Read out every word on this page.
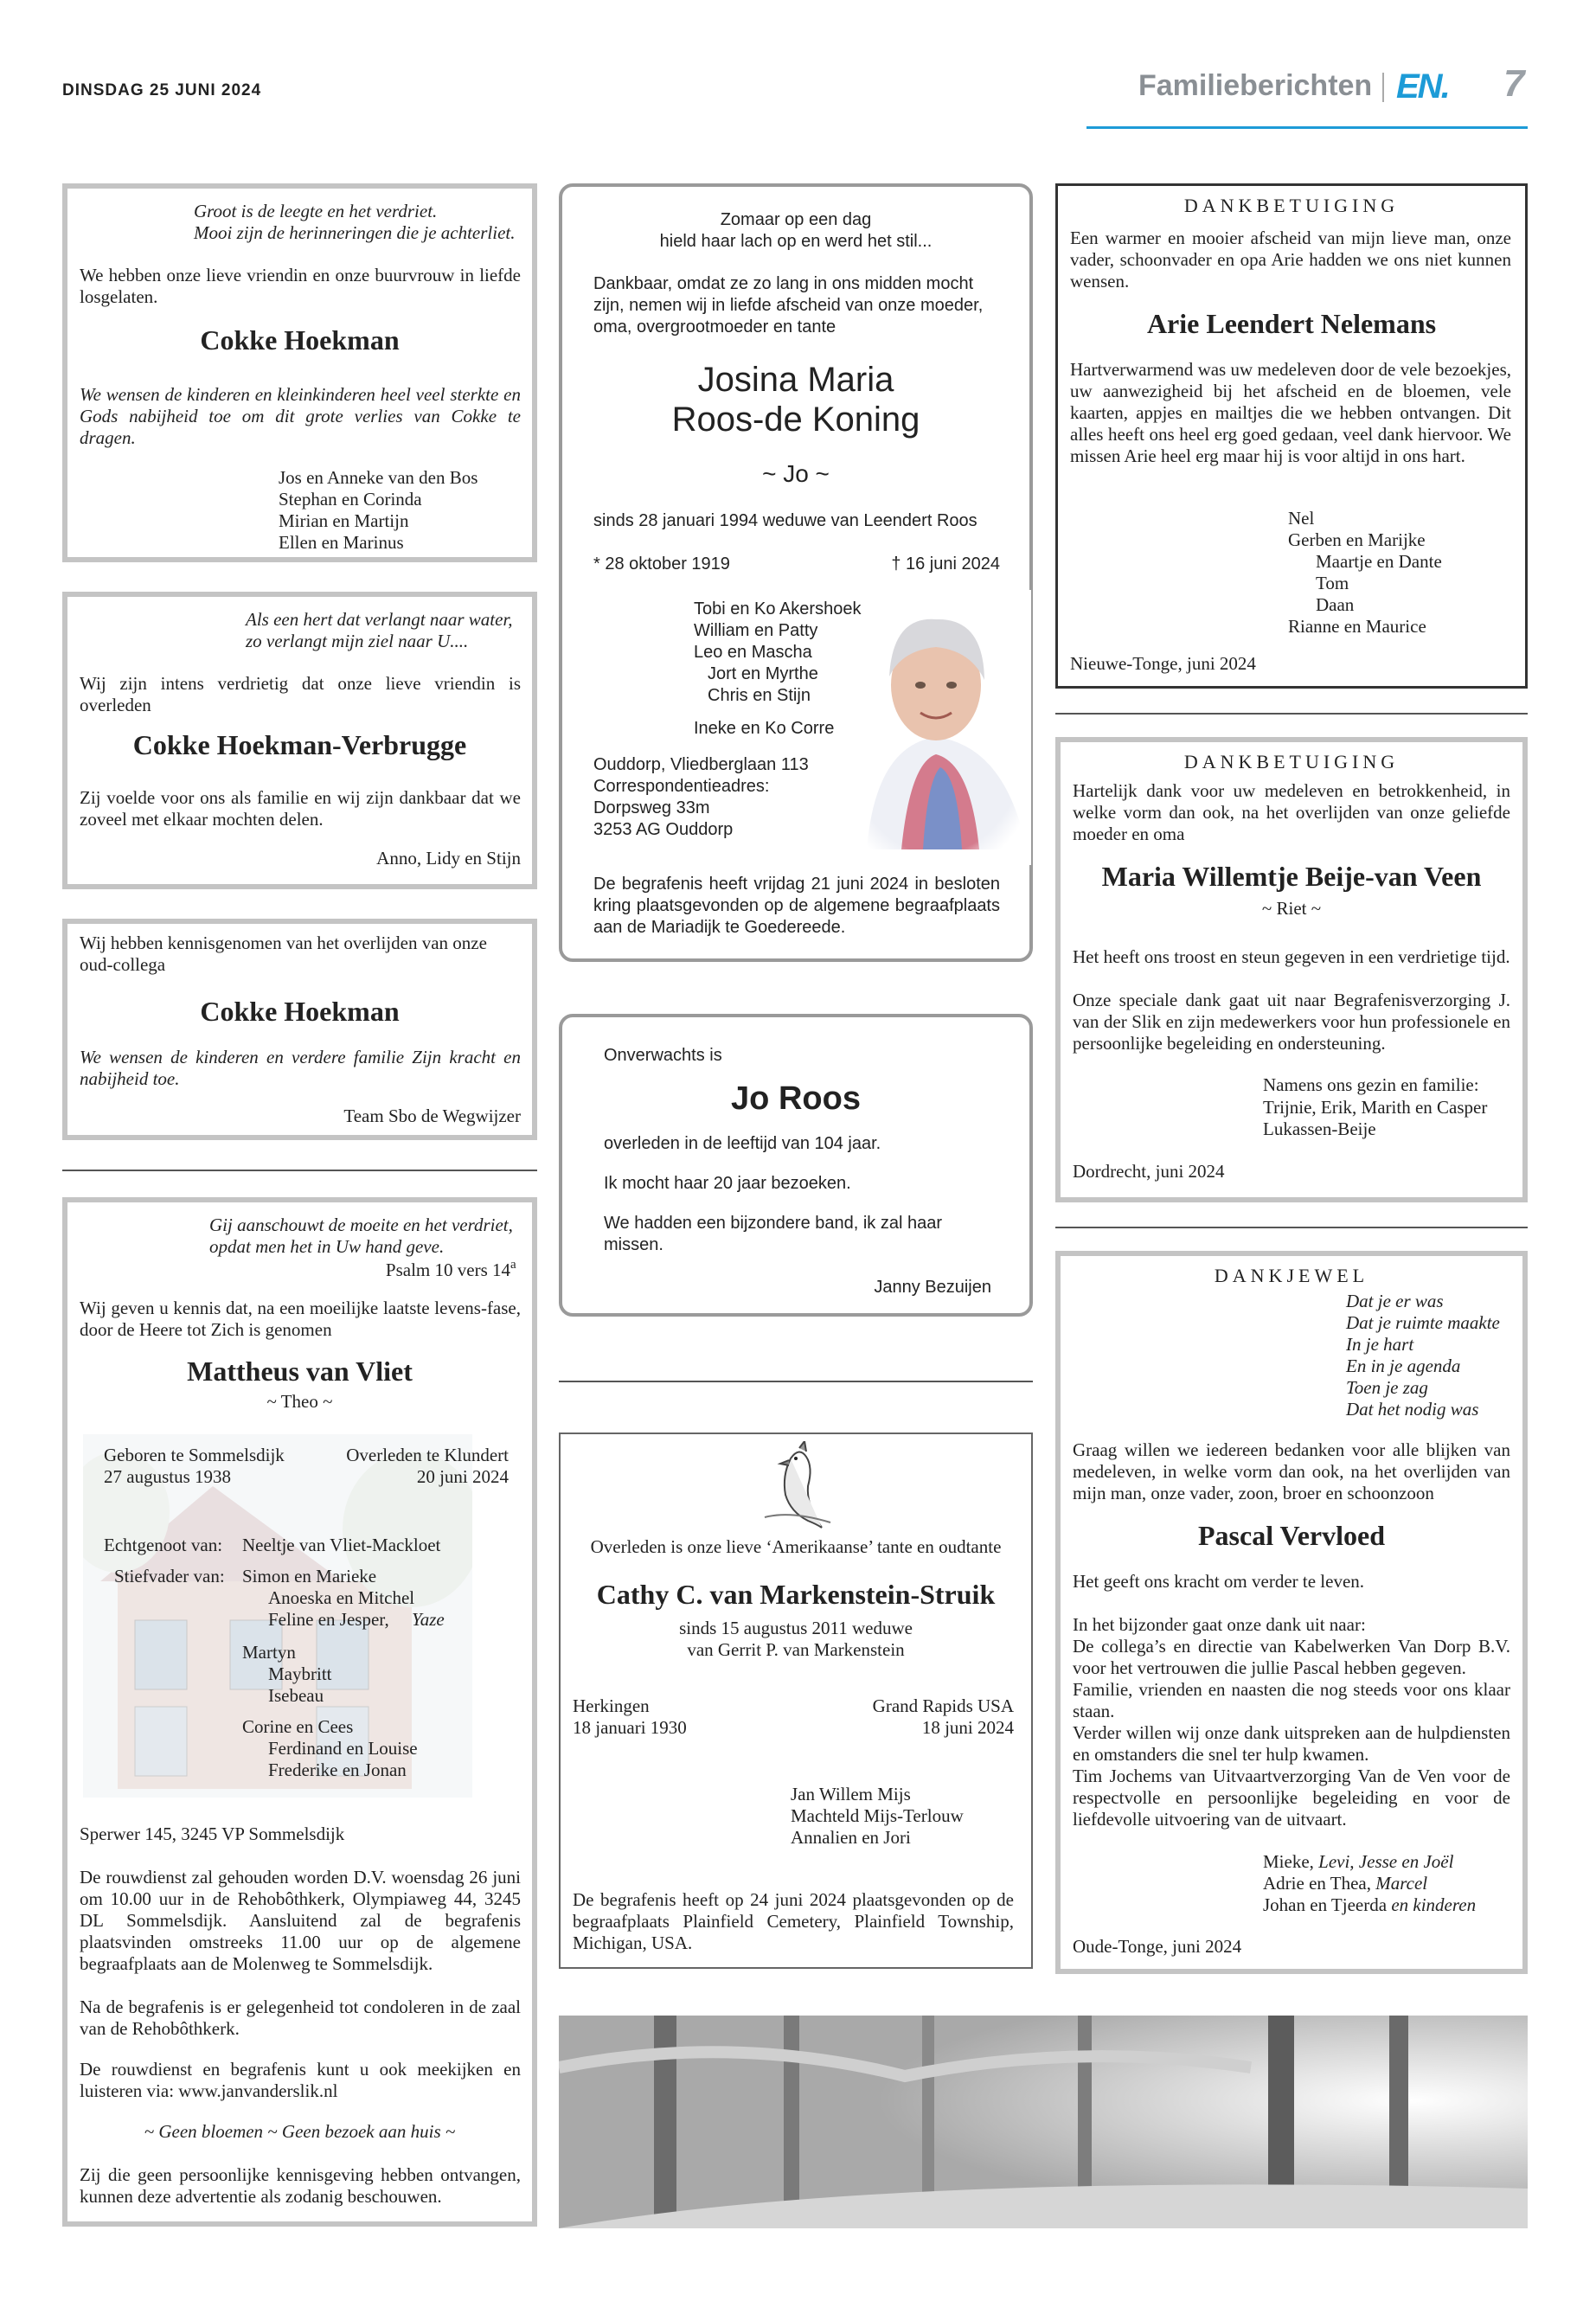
DINSDAG 25 JUNI 2024	Familieberichten EN. 7
Groot is de leegte en het verdriet.
Mooi zijn de herinneringen die je achterliet.
We hebben onze lieve vriendin en onze buurvrouw in liefde losgelaten.
Cokke Hoekman
We wensen de kinderen en kleinkinderen heel veel sterkte en Gods nabijheid toe om dit grote verlies van Cokke te dragen.
Jos en Anneke van den Bos
Stephan en Corinda
Mirian en Martijn
Ellen en Marinus
Als een hert dat verlangt naar water,
zo verlangt mijn ziel naar U....
Wij zijn intens verdrietig dat onze lieve vriendin is overleden
Cokke Hoekman-Verbrugge
Zij voelde voor ons als familie en wij zijn dankbaar dat we zoveel met elkaar mochten delen.
Anno, Lidy en Stijn
Wij hebben kennisgenomen van het overlijden van onze oud-collega
Cokke Hoekman
We wensen de kinderen en verdere familie Zijn kracht en nabijheid toe.
Team Sbo de Wegwijzer
Gij aanschouwt de moeite en het verdriet,
opdat men het in Uw hand geve.
Psalm 10 vers 14 a
Wij geven u kennis dat, na een moeilijke laatste levens-fase, door de Heere tot Zich is genomen
Mattheus van Vliet
~ Theo ~
Geboren te Sommelsdijk
27 augustus 1938
Overleden te Klundert
20 juni 2024
Echtgenoot van: Neeltje van Vliet-Mackloet
Stiefvader van: Simon en Marieke
Anoeska en Mitchel
Feline en Jesper, Yaze
Martyn
Maybritt
Isebeau
Corine en Cees
Ferdinand en Louise
Frederike en Jonan
Sperwer 145, 3245 VP Sommelsdijk
De rouwdienst zal gehouden worden D.V. woensdag 26 juni om 10.00 uur in de Rehobôthkerk, Olympiaweg 44, 3245 DL Sommelsdijk. Aansluitend zal de begrafenis plaatsvinden omstreeks 11.00 uur op de algemene begraafplaats aan de Molenweg te Sommelsdijk.
Na de begrafenis is er gelegenheid tot condoleren in de zaal van de Rehobôthkerk.
De rouwdienst en begrafenis kunt u ook meekijken en luisteren via: www.janvanderslik.nl
~ Geen bloemen ~ Geen bezoek aan huis ~
Zij die geen persoonlijke kennisgeving hebben ontvangen, kunnen deze advertentie als zodanig beschouwen.
Zomaar op een dag
hield haar lach op en werd het stil...
Dankbaar, omdat ze zo lang in ons midden mocht zijn, nemen wij in liefde afscheid van onze moeder, oma, overgrootmoeder en tante
Josina Maria
Roos-de Koning
~ Jo ~
sinds 28 januari 1994 weduwe van Leendert Roos
* 28 oktober 1919	† 16 juni 2024
Tobi en Ko Akershoek
William en Patty
Leo en Mascha
Jort en Myrthe
Chris en Stijn
Ineke en Ko Corre
Ouddorp, Vliedberglaan 113
Correspondentieadres:
Dorpsweg 33m
3253 AG Ouddorp
De begrafenis heeft vrijdag 21 juni 2024 in besloten kring plaatsgevonden op de algemene begraafplaats aan de Mariadijk te Goedereede.
Onverwachts is
Jo Roos
overleden in de leeftijd van 104 jaar.
Ik mocht haar 20 jaar bezoeken.
We hadden een bijzondere band, ik zal haar missen.
Janny Bezuijen
Overleden is onze lieve ‘Amerikaanse’ tante en oudtante
Cathy C. van Markenstein-Struik
sinds 15 augustus 2011 weduwe
van Gerrit P. van Markenstein
Herkingen
18 januari 1930
Grand Rapids USA
18 juni 2024
Jan Willem Mijs
Machteld Mijs-Terlouw
Annalien en Jori
De begrafenis heeft op 24 juni 2024 plaatsgevonden op de begraafplaats Plainfield Cemetery, Plainfield Township, Michigan, USA.
DANKBETUIGING
Een warmer en mooier afscheid van mijn lieve man, onze vader, schoonvader en opa Arie hadden we ons niet kunnen wensen.
Arie Leendert Nelemans
Hartverwarmend was uw medeleven door de vele bezoekjes, uw aanwezigheid bij het afscheid en de bloemen, vele kaarten, appjes en mailtjes die we hebben ontvangen. Dit alles heeft ons heel erg goed gedaan, veel dank hiervoor. We missen Arie heel erg maar hij is voor altijd in ons hart.
Nel
Gerben en Marijke
Maartje en Dante
Tom
Daan
Rianne en Maurice
Nieuwe-Tonge, juni 2024
DANKBETUIGING
Hartelijk dank voor uw medeleven en betrokkenheid, in welke vorm dan ook, na het overlijden van onze geliefde moeder en oma
Maria Willemtje Beije-van Veen
~ Riet ~
Het heeft ons troost en steun gegeven in een verdrietige tijd.
Onze speciale dank gaat uit naar Begrafenisverzorging J. van der Slik en zijn medewerkers voor hun professionele en persoonlijke begeleiding en ondersteuning.
Namens ons gezin en familie:
Trijnie, Erik, Marith en Casper
Lukassen-Beije
Dordrecht, juni 2024
DANKJEWEL
Dat je er was
Dat je ruimte maakte
In je hart
En in je agenda
Toen je zag
Dat het nodig was
Graag willen we iedereen bedanken voor alle blijken van medeleven, in welke vorm dan ook, na het overlijden van mijn man, onze vader, zoon, broer en schoonzoon
Pascal Vervloed
Het geeft ons kracht om verder te leven.
In het bijzonder gaat onze dank uit naar:
De collega’s en directie van Kabelwerken Van Dorp B.V. voor het vertrouwen die jullie Pascal hebben gegeven.
Familie, vrienden en naasten die nog steeds voor ons klaar staan.
Verder willen wij onze dank uitspreken aan de hulpdiensten en omstanders die snel ter hulp kwamen.
Tim Jochems van Uitvaartverzorging Van de Ven voor de respectvolle en persoonlijke begeleiding en voor de liefdevolle uitvoering van de uitvaart.
Mieke, Levi, Jesse en Joël
Adrie en Thea, Marcel
Johan en Tjeerda en kinderen
Oude-Tonge, juni 2024
